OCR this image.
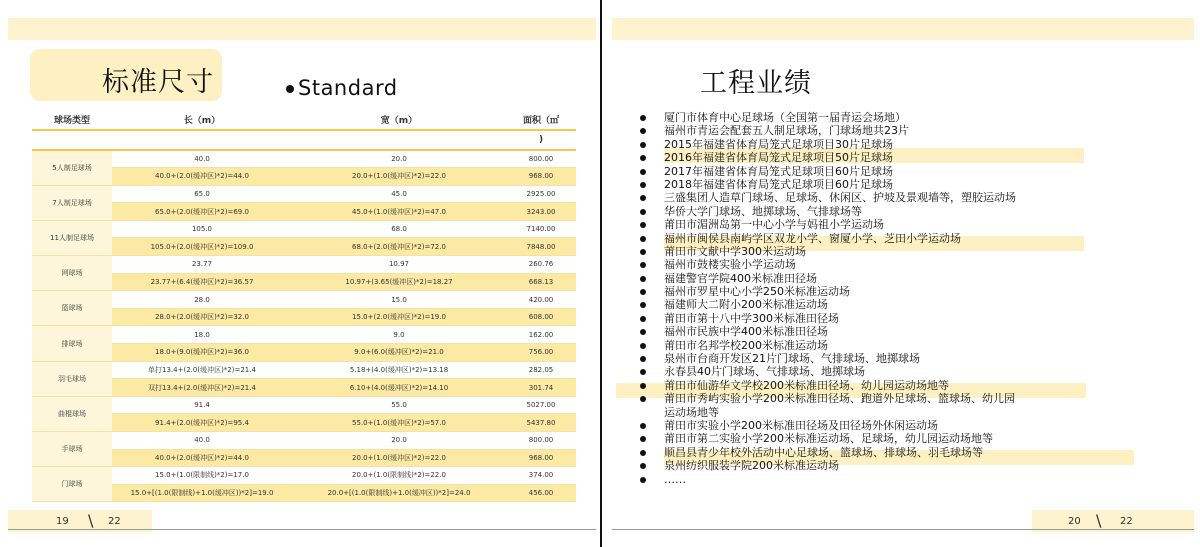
标准尺寸	Standard
球场类型	长（m）	宽（m）	面积（㎡
			)
5人制足球场	40.0	20.0	800.00
	40.0+(2.0(缓冲区)*2)=44.0	20.0+(1.0(缓冲区)*2)=22.0	968.00
7人制足球场	65.0	45.0	2925.00
	65.0+(2.0(缓冲区)*2)=69.0	45.0+(1.0(缓冲区)*2)=47.0	3243.00
11人制足球场	105.0	68.0	7140.00
	105.0+(2.0(缓冲区)*2)=109.0	68.0+(2.0(缓冲区)*2)=72.0	7848.00
网球场	23.77	10.97	260.76
	23.77+(6.4(缓冲区)*2)=36.57	10.97+(3.65(缓冲区)*2)=18.27	668.13
篮球场	28.0	15.0	420.00
	28.0+(2.0(缓冲区)*2)=32.0	15.0+(2.0(缓冲区)*2)=19.0	608.00
排球场	18.0	9.0	162.00
	18.0+(9.0(缓冲区)*2)=36.0	9.0+(6.0(缓冲区)*2)=21.0	756.00
羽毛球场	单打13.4+(2.0(缓冲区)*2)=21.4	5.18+(4.0(缓冲区)*2)=13.18	282.05
	双打13.4+(2.0(缓冲区)*2)=21.4	6.10+(4.0(缓冲区)*2)=14.10	301.74
曲棍球场	91.4	55.0	5027.00
	91.4+(2.0(缓冲区)*2)=95.4	55.0+(1.0(缓冲区)*2)=57.0	5437.80
手球场	40.0	20.0	800.00
	40.0+(2.0(缓冲区)*2)=44.0	20.0+(1.0(缓冲区)*2)=22.0	968.00
门球场	15.0+(1.0(限制线)*2)=17.0	20.0+(1.0(限制线)*2)=22.0	374.00
	15.0+[(1.0(限制线)+1.0(缓冲区))*2]=19.0	20.0+[(1.0(限制线)+1.0(缓冲区))*2]=24.0	456.00
19 \ 22
工程业绩
厦门市体育中心足球场（全国第一届青运会场地）
福州市青运会配套五人制足球场，门球场地共23片
2015年福建省体育局笼式足球项目30片足球场
2016年福建省体育局笼式足球项目50片足球场
2017年福建省体育局笼式足球项目60片足球场
2018年福建省体育局笼式足球项目60片足球场
三盛集团人造草门球场、足球场、休闲区、护坡及景观墙等，塑胶运动场
华侨大学门球场、地掷球场、气排球场等
莆田市湄洲岛第一中心小学与妈祖小学运动场
福州市闽侯县南屿学区双龙小学、窗厦小学、芝田小学运动场
莆田市文献中学300米运动场
福州市鼓楼实验小学运动场
福建警官学院400米标准田径场
福州市罗星中心小学250米标准运动场
福建师大二附小200米标准运动场
莆田市第十八中学300米标准田径场
福州市民族中学400米标准田径场
莆田市名邦学校200米标准运动场
泉州市台商开发区21片门球场、气排球场、地掷球场
永春县40片门球场、气排球场、地掷球场
莆田市仙游华文学校200米标准田径场、幼儿园运动场地等
莆田市秀屿实验小学200米标准田径场、跑道外足球场、篮球场、幼儿园
运动场地等
莆田市实验小学200米标准田径场及田径场外休闲运动场
莆田市第二实验小学200米标准运动场、足球场，幼儿园运动场地等
顺昌县青少年校外活动中心足球场、篮球场、排球场、羽毛球场等
泉州纺织服装学院200米标准运动场
……
20 \ 22
